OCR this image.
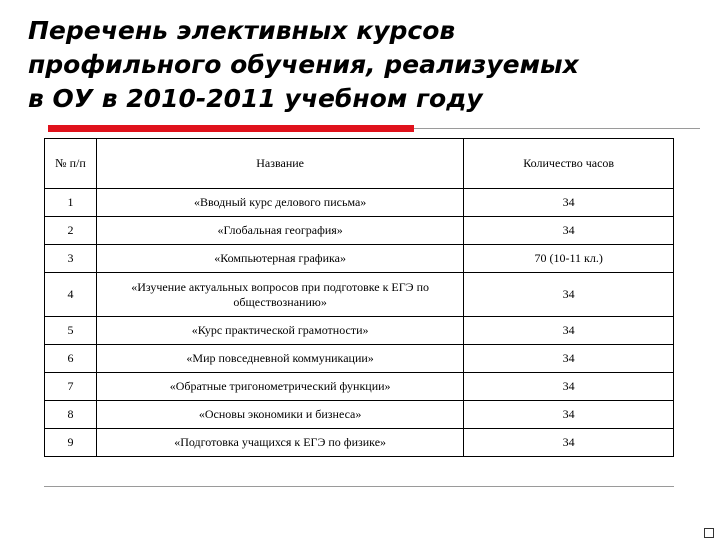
Перечень элективных курсов
профильного обучения, реализуемых
в ОУ в 2010-2011 учебном году
№ п/п	Название	Количество часов
1	«Вводный курс делового письма»	34
2	«Глобальная география»	34
3	«Компьютерная графика»	70 (10-11 кл.)
4	«Изучение актуальных вопросов при подготовке к ЕГЭ по обществознанию»	34
5	«Курс практической грамотности»	34
6	«Мир повседневной коммуникации»	34
7	«Обратные тригонометрический функции»	34
8	«Основы экономики и бизнеса»	34
9	«Подготовка учащихся к ЕГЭ по физике»	34
